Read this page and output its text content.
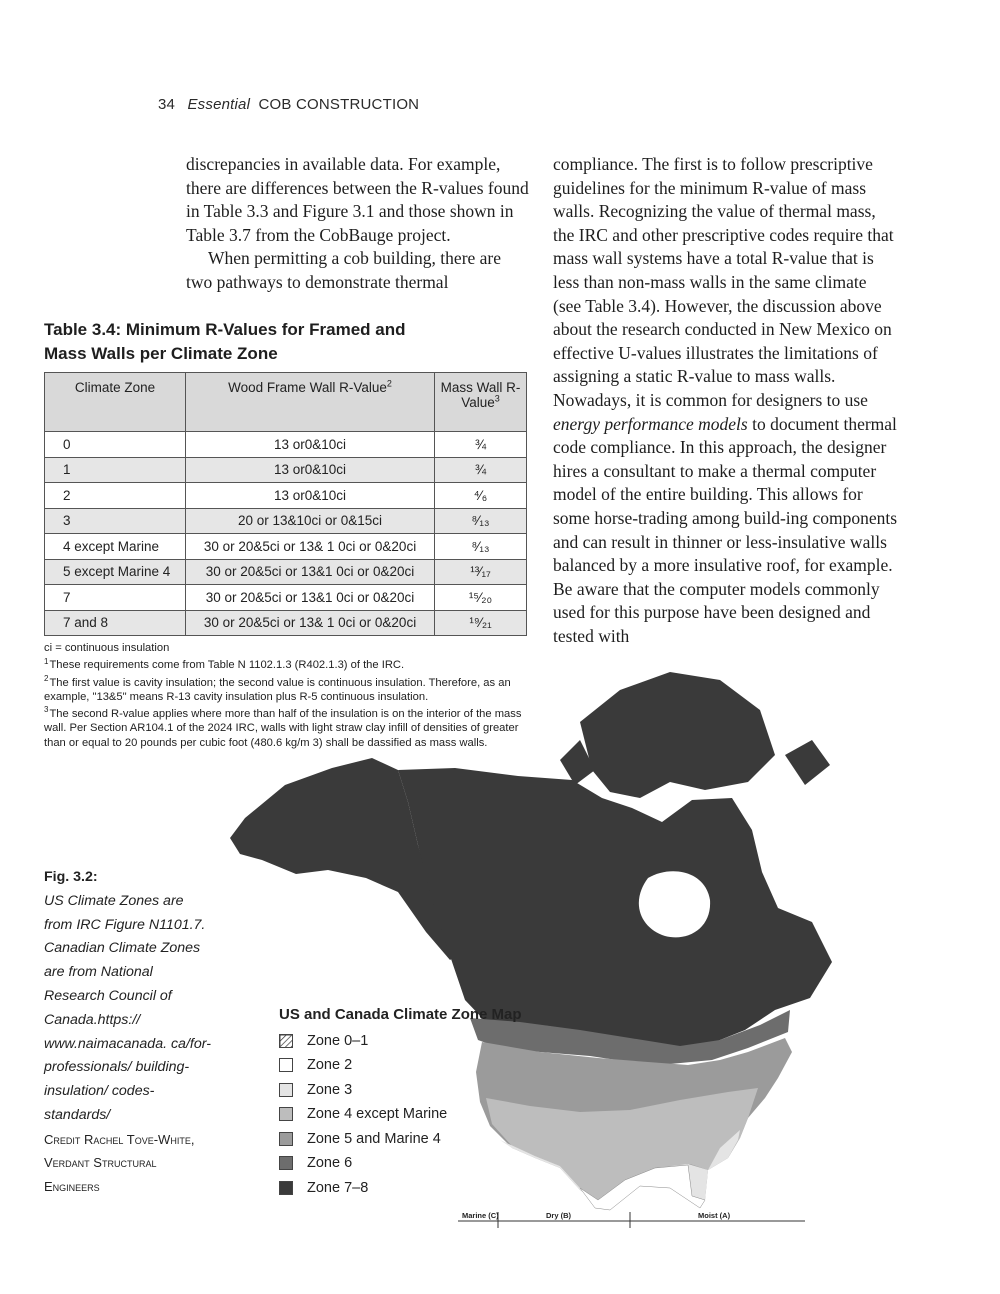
34 Essential COB CONSTRUCTION

discrepancies in available data. For example, there are differences between the R-values found in Table 3.3 and Figure 3.1 and those shown in Table 3.7 from the CobBauge project.

When permitting a cob building, there are two pathways to demonstrate thermal

compliance. The first is to follow prescriptive guidelines for the minimum R-value of mass walls. Recognizing the value of thermal mass, the IRC and other prescriptive codes require that mass wall systems have a total R-value that is less than non-mass walls in the same climate (see Table 3.4). However, the discussion above about the research conducted in New Mexico on effective U-values illustrates the limitations of assigning a static R-value to mass walls. Nowadays, it is common for designers to use energy performance models to document thermal code compliance. In this approach, the designer hires a consultant to make a thermal computer model of the entire building. This allows for some horse-trading among build-ing components and can result in thinner or less-insulative walls balanced by a more insulative roof, for example. Be aware that the computer models commonly used for this purpose have been designed and tested with

Table 3.4: Minimum R-Values for Framed and Mass Walls per Climate Zone
Climate Zone	Wood Frame Wall R-Value$^2$	Mass Wall R-Value$^3$
0	13 or0&10ci	¾
1	13 or0&10ci	¾
2	13 or0&10ci	⁴⁄₆
3	20 or 13&10ci or 0&15ci	⁸⁄₁₃
4 except Marine	30 or 20&5ci or 13& 1 0ci or 0&20ci	⁸⁄₁₃
5 except Marine 4	30 or 20&5ci or 13&1 0ci or 0&20ci	¹³⁄₁₇
7	30 or 20&5ci or 13&1 0ci or 0&20ci	¹⁵⁄₂₀
7 and 8	30 or 20&5ci or 13& 1 0ci or 0&20ci	¹⁹⁄₂₁

ci = continuous insulation

$^1$These requirements come from Table N 1102.1.3 (R402.1.3) of the IRC.

$^2$The first value is cavity insulation; the second value is continuous insulation. Therefore, as an example, "13&5" means R-13 cavity insulation plus R-5 continuous insulation.

$^3$The second R-value applies where more than half of the insulation is on the interior of the mass wall. Per Section AR104.1 of the 2024 IRC, walls with light straw clay infill of densities of greater than or equal to 20 pounds per cubic foot (480.6 kg/m 3) shall be dassified as mass walls.

Fig. 3.2:
US Climate Zones are from IRC Figure N1101.7. Canadian Climate Zones are from National Research Council of Canada.https:// www.naimacanada. ca/for-professionals/ building-insulation/ codes-standards/
Credit Rachel Tove-White, Verdant Structural Engineers
Marine (C)	Dry (B)	Moist (A)
US and Canada Climate Zone Map
Zone 0–1
Zone 2
Zone 3
Zone 4 except Marine
Zone 5 and Marine 4
Zone 6
Zone 7–8
